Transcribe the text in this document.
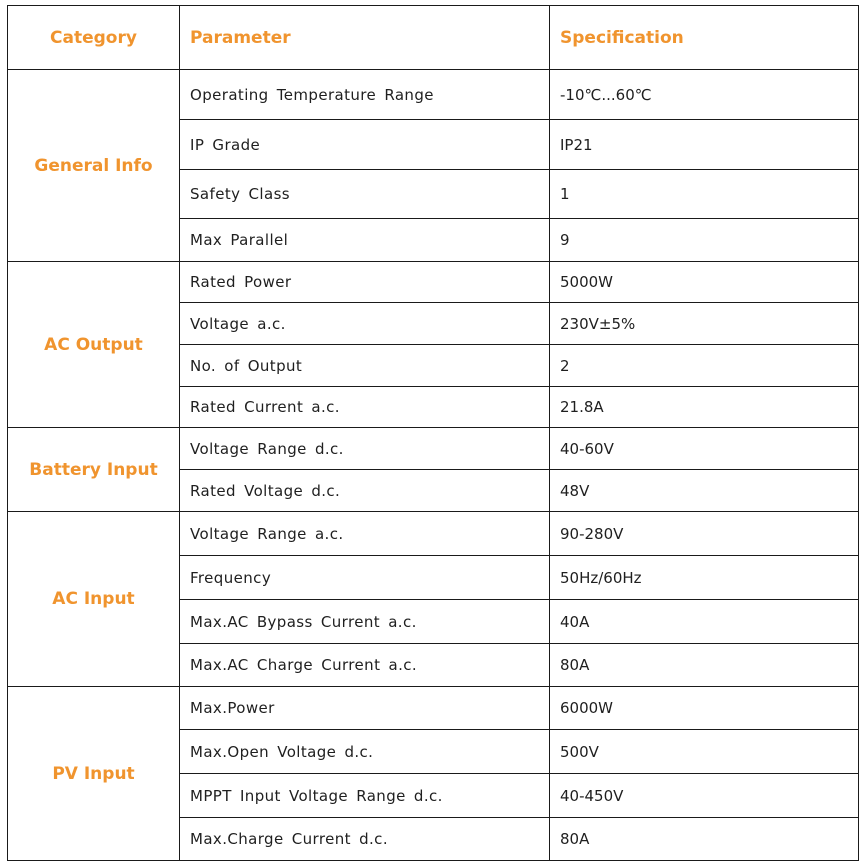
Category	Parameter	Specification
General Info	Operating Temperature Range	-10℃...60℃
	IP Grade	IP21
	Safety Class	1
	Max Parallel	9
AC Output	Rated Power	5000W
	Voltage a.c.	230V±5%
	No. of Output	2
	Rated Current a.c.	21.8A
Battery Input	Voltage Range d.c.	40-60V
	Rated Voltage d.c.	48V
AC Input	Voltage Range a.c.	90-280V
	Frequency	50Hz/60Hz
	Max.AC Bypass Current a.c.	40A
	Max.AC Charge Current a.c.	80A
PV Input	Max.Power	6000W
	Max.Open Voltage d.c.	500V
	MPPT Input Voltage Range d.c.	40-450V
	Max.Charge Current d.c.	80A
